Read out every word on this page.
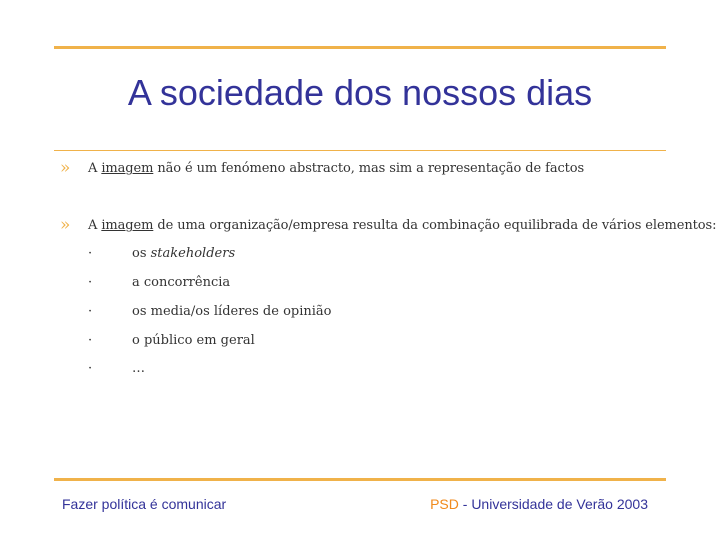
A sociedade dos nossos dias
» A imagem não é um fenómeno abstracto, mas sim a representação de factos
» A imagem de uma organização/empresa resulta da combinação equilibrada de vários elementos:
·	os stakeholders
·	a concorrência
·	os media/os líderes de opinião
·	o público em geral
·	…
Fazer política é comunicar	PSD - Universidade de Verão 2003
